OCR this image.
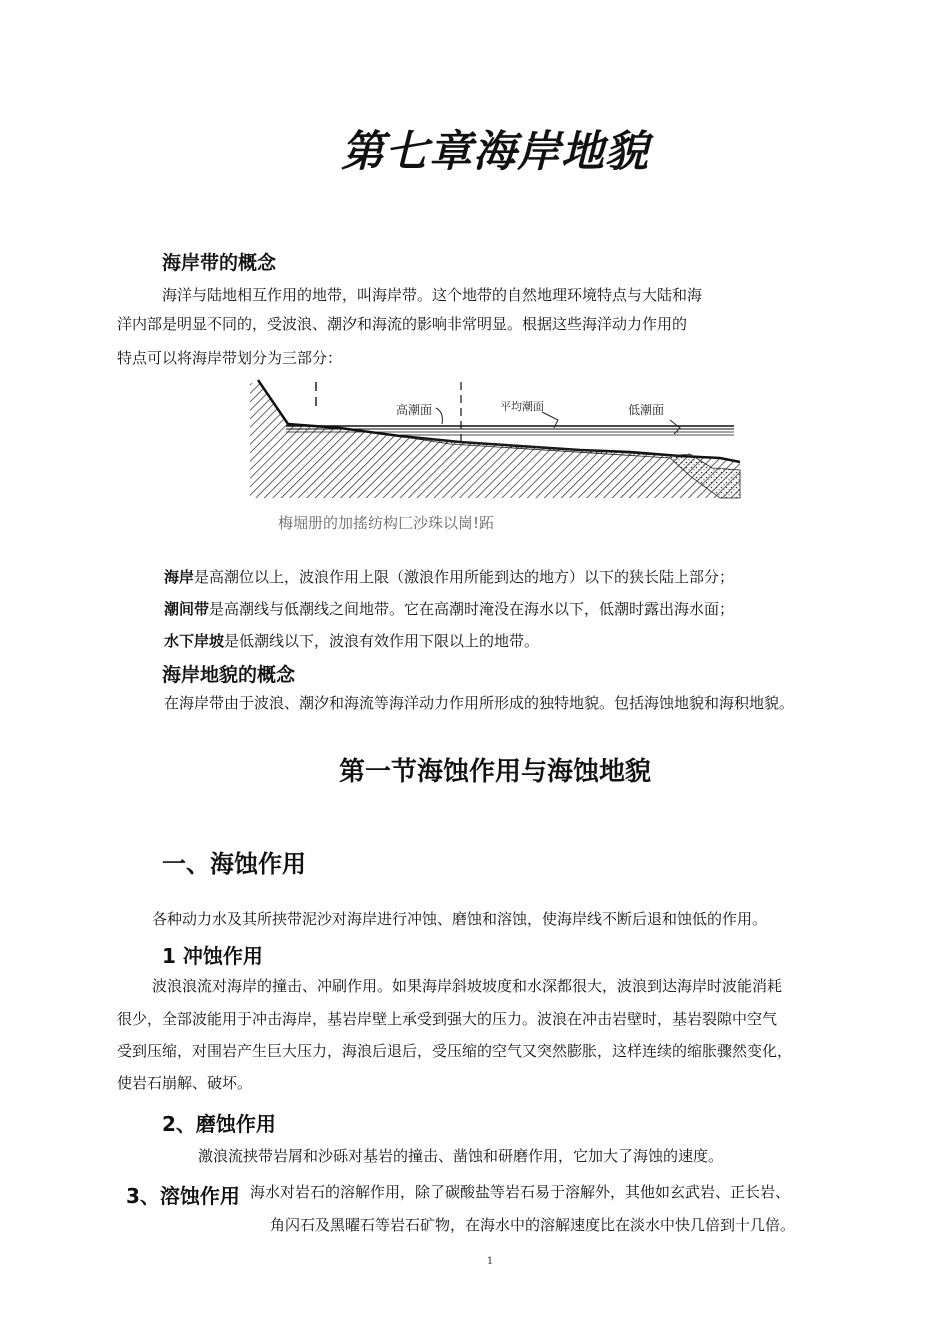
第七章海岸地貌
海岸带的概念
海洋与陆地相互作用的地带，叫海岸带。这个地带的自然地理环境特点与大陆和海
洋内部是明显不同的，受波浪、潮汐和海流的影响非常明显。根据这些海洋动力作用的
特点可以将海岸带划分为三部分：
高潮面	平均潮面	低潮面
梅堀册的加搖纺构匚沙珠以崗!跖
海岸是高潮位以上，波浪作用上限（激浪作用所能到达的地方）以下的狭长陆上部分；
潮间带是高潮线与低潮线之间地带。它在高潮时淹没在海水以下，低潮时露出海水面；
水下岸坡是低潮线以下，波浪有效作用下限以上的地带。
海岸地貌的概念
在海岸带由于波浪、潮汐和海流等海洋动力作用所形成的独特地貌。包括海蚀地貌和海积地貌。
第一节海蚀作用与海蚀地貌
一、海蚀作用
各种动力水及其所挟带泥沙对海岸进行冲蚀、磨蚀和溶蚀，使海岸线不断后退和蚀低的作用。
1 冲蚀作用
波浪浪流对海岸的撞击、冲刷作用。如果海岸斜坡坡度和水深都很大，波浪到达海岸时波能消耗
很少，全部波能用于冲击海岸，基岩岸壁上承受到强大的压力。波浪在冲击岩壁时，基岩裂隙中空气
受到压缩，对围岩产生巨大压力，海浪后退后，受压缩的空气又突然膨胀，这样连续的缩胀骤然变化，
使岩石崩解、破坏。
2、磨蚀作用
激浪流挟带岩屑和沙砾对基岩的撞击、凿蚀和研磨作用，它加大了海蚀的速度。
3、溶蚀作用 海水对岩石的溶解作用，除了碳酸盐等岩石易于溶解外，其他如玄武岩、正长岩、
角闪石及黑曜石等岩石矿物，在海水中的溶解速度比在淡水中快几倍到十几倍。
1
